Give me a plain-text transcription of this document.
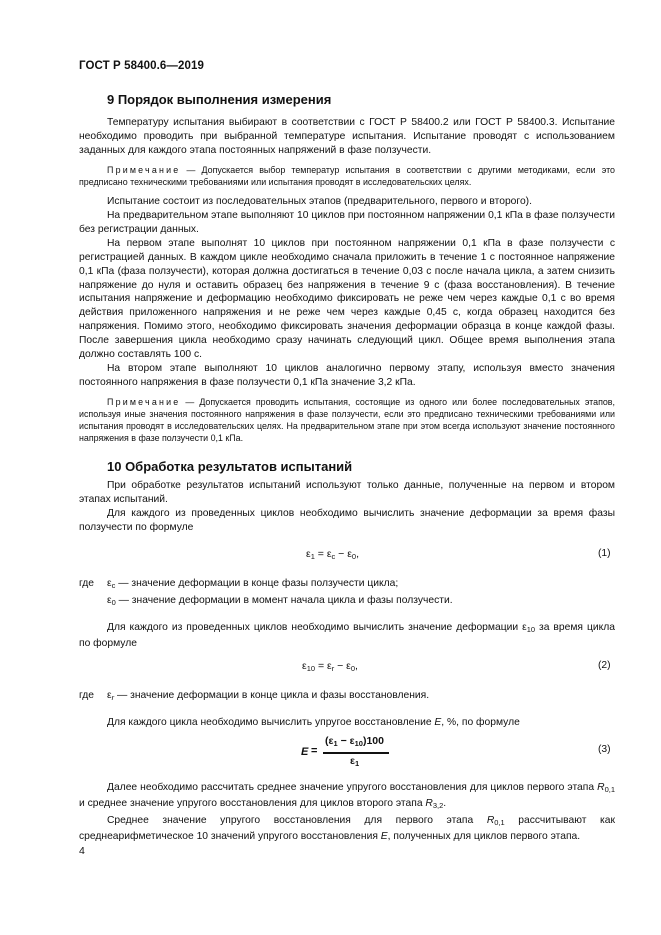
ГОСТ Р 58400.6—2019
9 Порядок выполнения измерения

Температуру испытания выбирают в соответствии с ГОСТ Р 58400.2 или ГОСТ Р 58400.3. Испытание необходимо проводить при выбранной температуре испытания. Испытание проводят с использованием заданных для каждого этапа постоянных напряжений в фазе ползучести.

Примечание — Допускается выбор температур испытания в соответствии с другими методиками, если это предписано техническими требованиями или испытания проводят в исследовательских целях.

Испытание состоит из последовательных этапов (предварительного, первого и второго).

На предварительном этапе выполняют 10 циклов при постоянном напряжении 0,1 кПа в фазе ползучести без регистрации данных.

На первом этапе выполнят 10 циклов при постоянном напряжении 0,1 кПа в фазе ползучести с регистрацией данных. В каждом цикле необходимо сначала приложить в течение 1 с постоянное напряжение 0,1 кПа (фаза ползучести), которая должна достигаться в течение 0,03 с после начала цикла, а затем снизить напряжение до нуля и оставить образец без напряжения в течение 9 с (фаза восстановления). В течение испытания напряжение и деформацию необходимо фиксировать не реже чем через каждые 0,1 с во время действия приложенного напряжения и не реже чем через каждые 0,45 с, когда образец находится без напряжения. Помимо этого, необходимо фиксировать значения деформации образца в конце каждой фазы. После завершения цикла необходимо сразу начинать следующий цикл. Общее время выполнения этапа должно составлять 100 с.

На втором этапе выполняют 10 циклов аналогично первому этапу, используя вместо значения постоянного напряжения в фазе ползучести 0,1 кПа значение 3,2 кПа.

Примечание — Допускается проводить испытания, состоящие из одного или более последовательных этапов, используя иные значения постоянного напряжения в фазе ползучести, если это предписано техническими требованиями или испытания проводят в исследовательских целях. На предварительном этапе при этом всегда используют значение постоянного напряжения в фазе ползучести 0,1 кПа.

10 Обработка результатов испытаний

При обработке результатов испытаний используют только данные, полученные на первом и втором этапах испытаний.

Для каждого из проведенных циклов необходимо вычислить значение деформации за время фазы ползучести по формуле

$\varepsilon_1 = \varepsilon_c - \varepsilon_0$,	(1)
где $\varepsilon_c$ — значение деформации в конце фазы ползучести цикла;
$\varepsilon_0$ — значение деформации в момент начала цикла и фазы ползучести.

Для каждого из проведенных циклов необходимо вычислить значение деформации $\varepsilon_{10}$ за время цикла по формуле

$\varepsilon_{10} = \varepsilon_r - \varepsilon_0$,	(2)
где $\varepsilon_r$ — значение деформации в конце цикла и фазы восстановления.

Для каждого цикла необходимо вычислить упругое восстановление E, %, по формуле

E =
$(\varepsilon_1 - \varepsilon_{10})100$
$\varepsilon_1$
(3)

Далее необходимо рассчитать среднее значение упругого восстановления для циклов первого этапа $R_{0,1}$ и среднее значение упругого восстановления для циклов второго этапа $R_{3,2}$.

Среднее значение упругого восстановления для первого этапа $R_{0,1}$ рассчитывают как среднеарифметическое 10 значений упругого восстановления E, полученных для циклов первого этапа.

4
